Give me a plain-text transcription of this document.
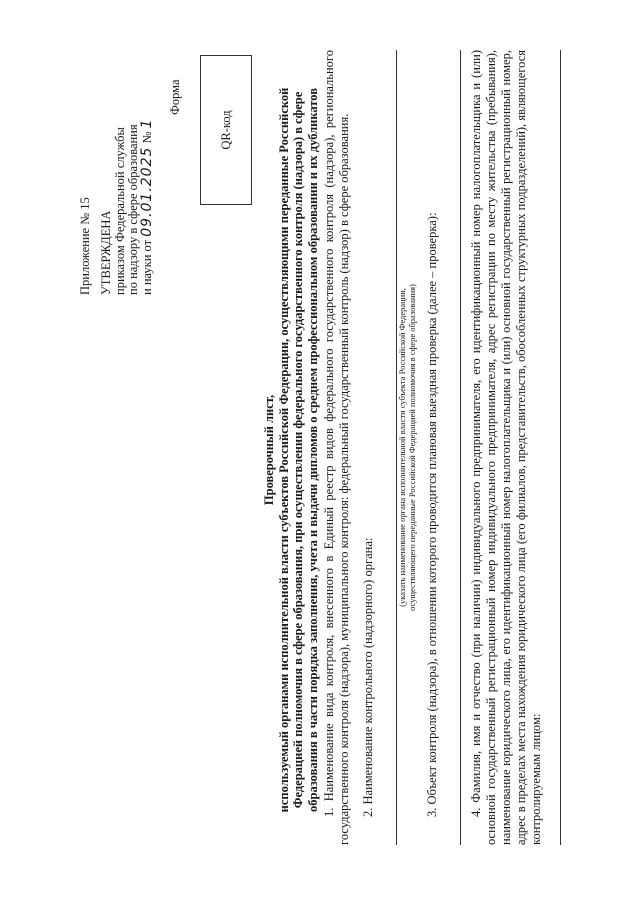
Приложение № 15 УТВЕРЖДЕНА приказом Федеральной службы по надзору в сфере образования и науки от 09.01.2025 № 1
Форма
QR-код
Проверочный лист, используемый органами исполнительной власти субъектов Российской Федерации, осуществляющими переданные Российской Федерацией полномочия в сфере образования, при осуществлении федерального государственного контроля (надзора) в сфере образования в части порядка заполнения, учета и выдачи дипломов о среднем профессиональном образовании и их дубликатов 1. Наименование вида контроля, внесенного в Единый реестр видов федерального государственного контроля (надзора), регионального государственного контроля (надзора), муниципального контроля: федеральный государственный контроль (надзор) в сфере образования. 2. Наименование контрольного (надзорного) органа:
(указать наименование органа исполнительной власти субъекта Российской Федерации, осуществляющего переданные Российской Федерацией полномочия в сфере образования) 3. Объект контроля (надзора), в отношении которого проводится плановая выездная проверка (далее – проверка): 4. Фамилия, имя и отчество (при наличии) индивидуального предпринимателя, его идентификационный номер налогоплательщика и (или) основной государственный регистрационный номер индивидуального предпринимателя, адрес регистрации по месту жительства (пребывания), наименование юридического лица, его идентификационный номер налогоплательщика и (или) основной государственный регистрационный номер, адрес в пределах места нахождения юридического лица (его филиалов, представительств, обособленных структурных подразделений), являющегося контролируемым лицом:
